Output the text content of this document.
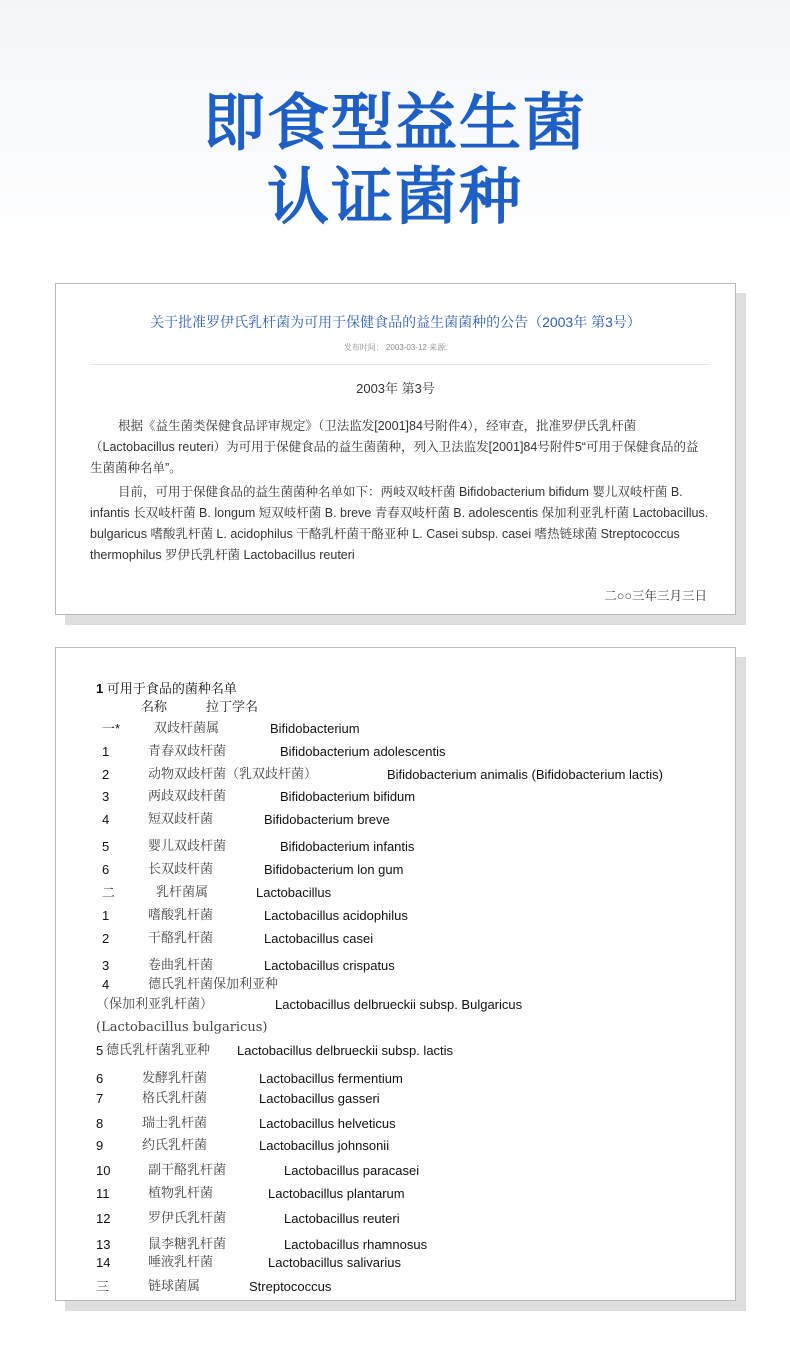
即食型益生菌
认证菌种
关于批准罗伊氏乳杆菌为可用于保健食品的益生菌菌种的公告（2003年 第3号）
发布时间： 2003-03-12 来源:
2003年 第3号

根据《益生菌类保健食品评审规定》（卫法监发[2001]84号附件4），经审查，批准罗伊氏乳杆菌（Lactobacillus reuteri）为可用于保健食品的益生菌菌种，列入卫法监发[2001]84号附件5“可用于保健食品的益生菌菌种名单”。

目前，可用于保健食品的益生菌菌种名单如下：两岐双岐杆菌 Bifidobacterium bifidum 婴儿双岐杆菌 B. infantis 长双岐杆菌 B. longum 短双岐杆菌 B. breve 青春双岐杆菌 B. adolescentis 保加利亚乳杆菌 Lactobacillus. bulgaricus 嗜酸乳杆菌 L. acidophilus 干酪乳杆菌干酪亚种 L. Casei subsp. casei 嗜热链球菌 Streptococcus thermophilus 罗伊氏乳杆菌 Lactobacillus reuteri

二○○三年三月三日
1 可用于食品的菌种名单
名称	拉丁学名
一*	双歧杆菌属	Bifidobacterium
1	青春双歧杆菌	Bifidobacterium adolescentis
2	动物双歧杆菌（乳双歧杆菌）	Bifidobacterium animalis (Bifidobacterium lactis)
3	两歧双歧杆菌	Bifidobacterium bifidum
4	短双歧杆菌	Bifidobacterium breve
5	婴儿双歧杆菌	Bifidobacterium infantis
6	长双歧杆菌	Bifidobacterium lon gum
二	乳杆菌属	Lactobacillus
1	嗜酸乳杆菌	Lactobacillus acidophilus
2	干酪乳杆菌	Lactobacillus casei
3	卷曲乳杆菌	Lactobacillus crispatus
4	德氏乳杆菌保加利亚种
（保加利亚乳杆菌）	Lactobacillus delbrueckii subsp. Bulgaricus
(Lactobacillus bulgaricus)
5 德氏乳杆菌乳亚种 Lactobacillus delbrueckii subsp. lactis
6	发酵乳杆菌	Lactobacillus fermentium
7	格氏乳杆菌	Lactobacillus gasseri
8	瑞士乳杆菌	Lactobacillus helveticus
9	约氏乳杆菌	Lactobacillus johnsonii
10	副干酪乳杆菌	Lactobacillus paracasei
11	植物乳杆菌	Lactobacillus plantarum
12	罗伊氏乳杆菌	Lactobacillus reuteri
13	鼠李糖乳杆菌	Lactobacillus rhamnosus
14	唾液乳杆菌	Lactobacillus salivarius
三	链球菌属	Streptococcus
